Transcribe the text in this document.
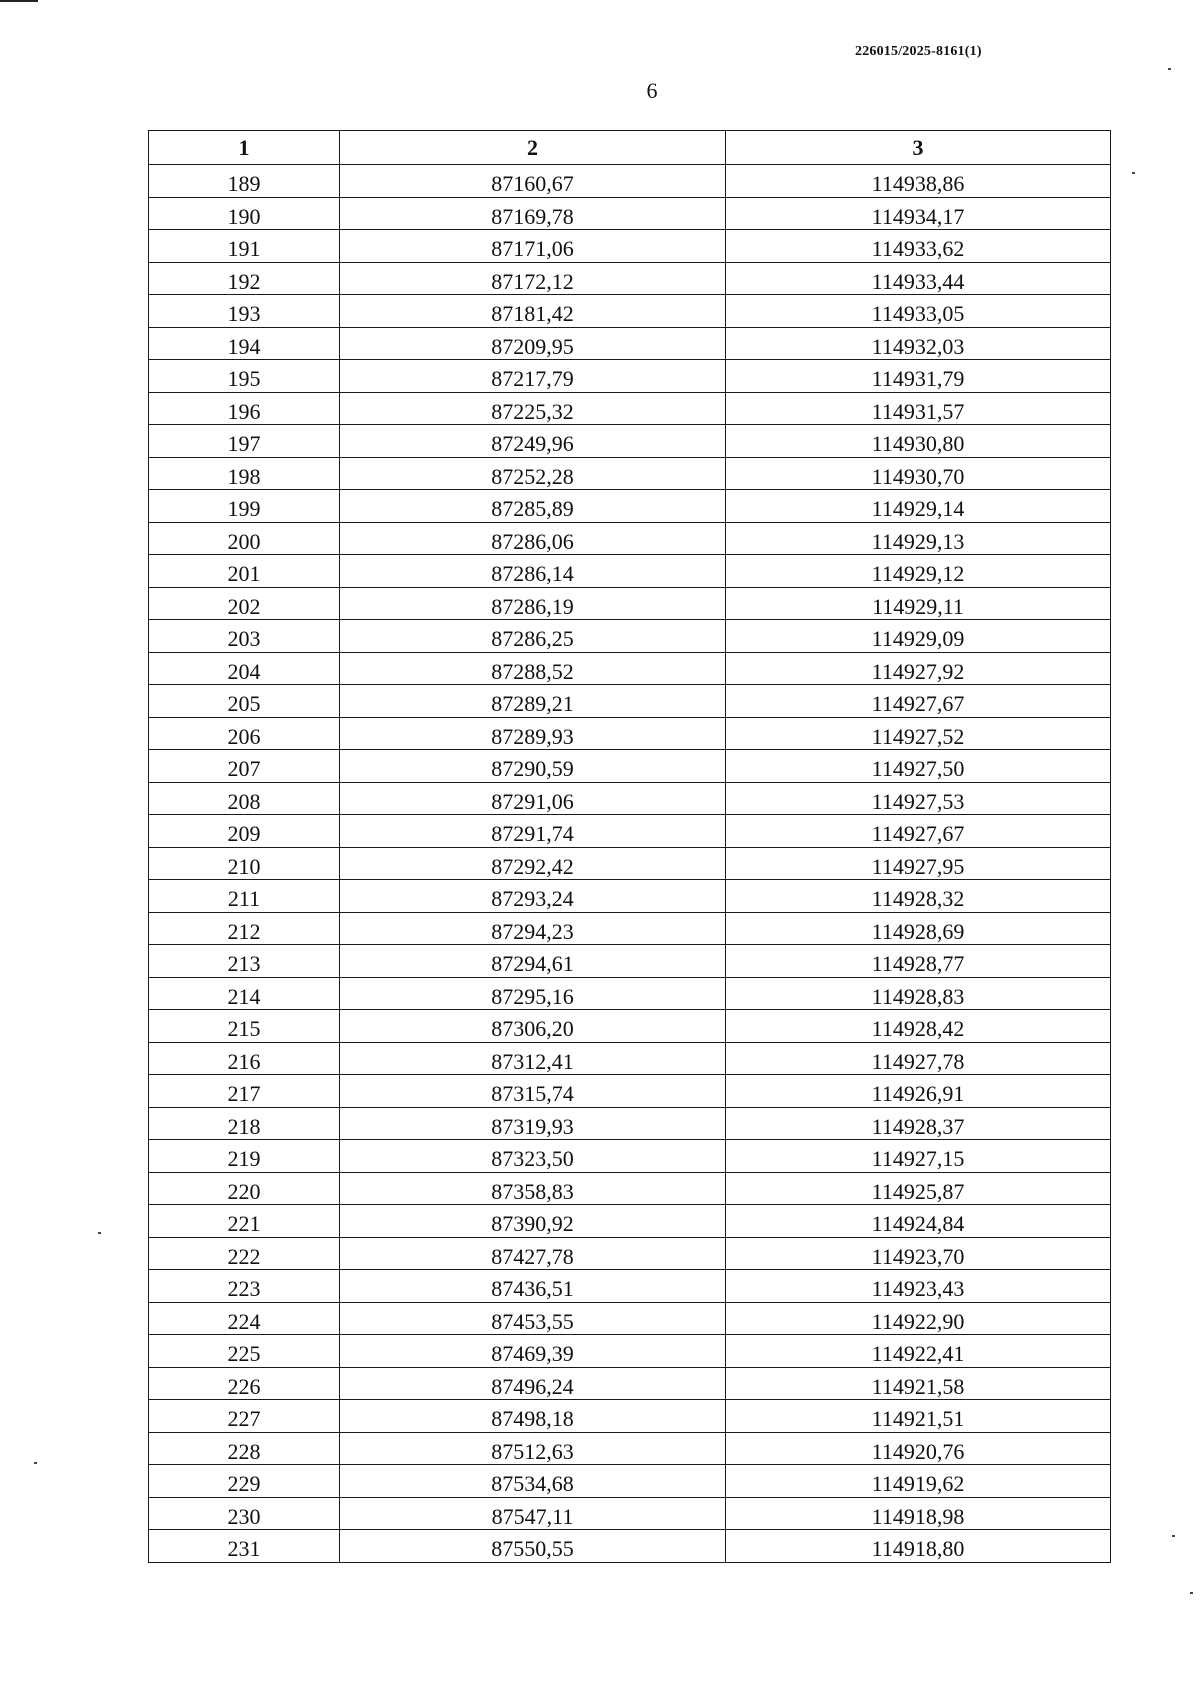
226015/2025-8161(1)
6
1	2	3
189	87160,67	114938,86
190	87169,78	114934,17
191	87171,06	114933,62
192	87172,12	114933,44
193	87181,42	114933,05
194	87209,95	114932,03
195	87217,79	114931,79
196	87225,32	114931,57
197	87249,96	114930,80
198	87252,28	114930,70
199	87285,89	114929,14
200	87286,06	114929,13
201	87286,14	114929,12
202	87286,19	114929,11
203	87286,25	114929,09
204	87288,52	114927,92
205	87289,21	114927,67
206	87289,93	114927,52
207	87290,59	114927,50
208	87291,06	114927,53
209	87291,74	114927,67
210	87292,42	114927,95
211	87293,24	114928,32
212	87294,23	114928,69
213	87294,61	114928,77
214	87295,16	114928,83
215	87306,20	114928,42
216	87312,41	114927,78
217	87315,74	114926,91
218	87319,93	114928,37
219	87323,50	114927,15
220	87358,83	114925,87
221	87390,92	114924,84
222	87427,78	114923,70
223	87436,51	114923,43
224	87453,55	114922,90
225	87469,39	114922,41
226	87496,24	114921,58
227	87498,18	114921,51
228	87512,63	114920,76
229	87534,68	114919,62
230	87547,11	114918,98
231	87550,55	114918,80
